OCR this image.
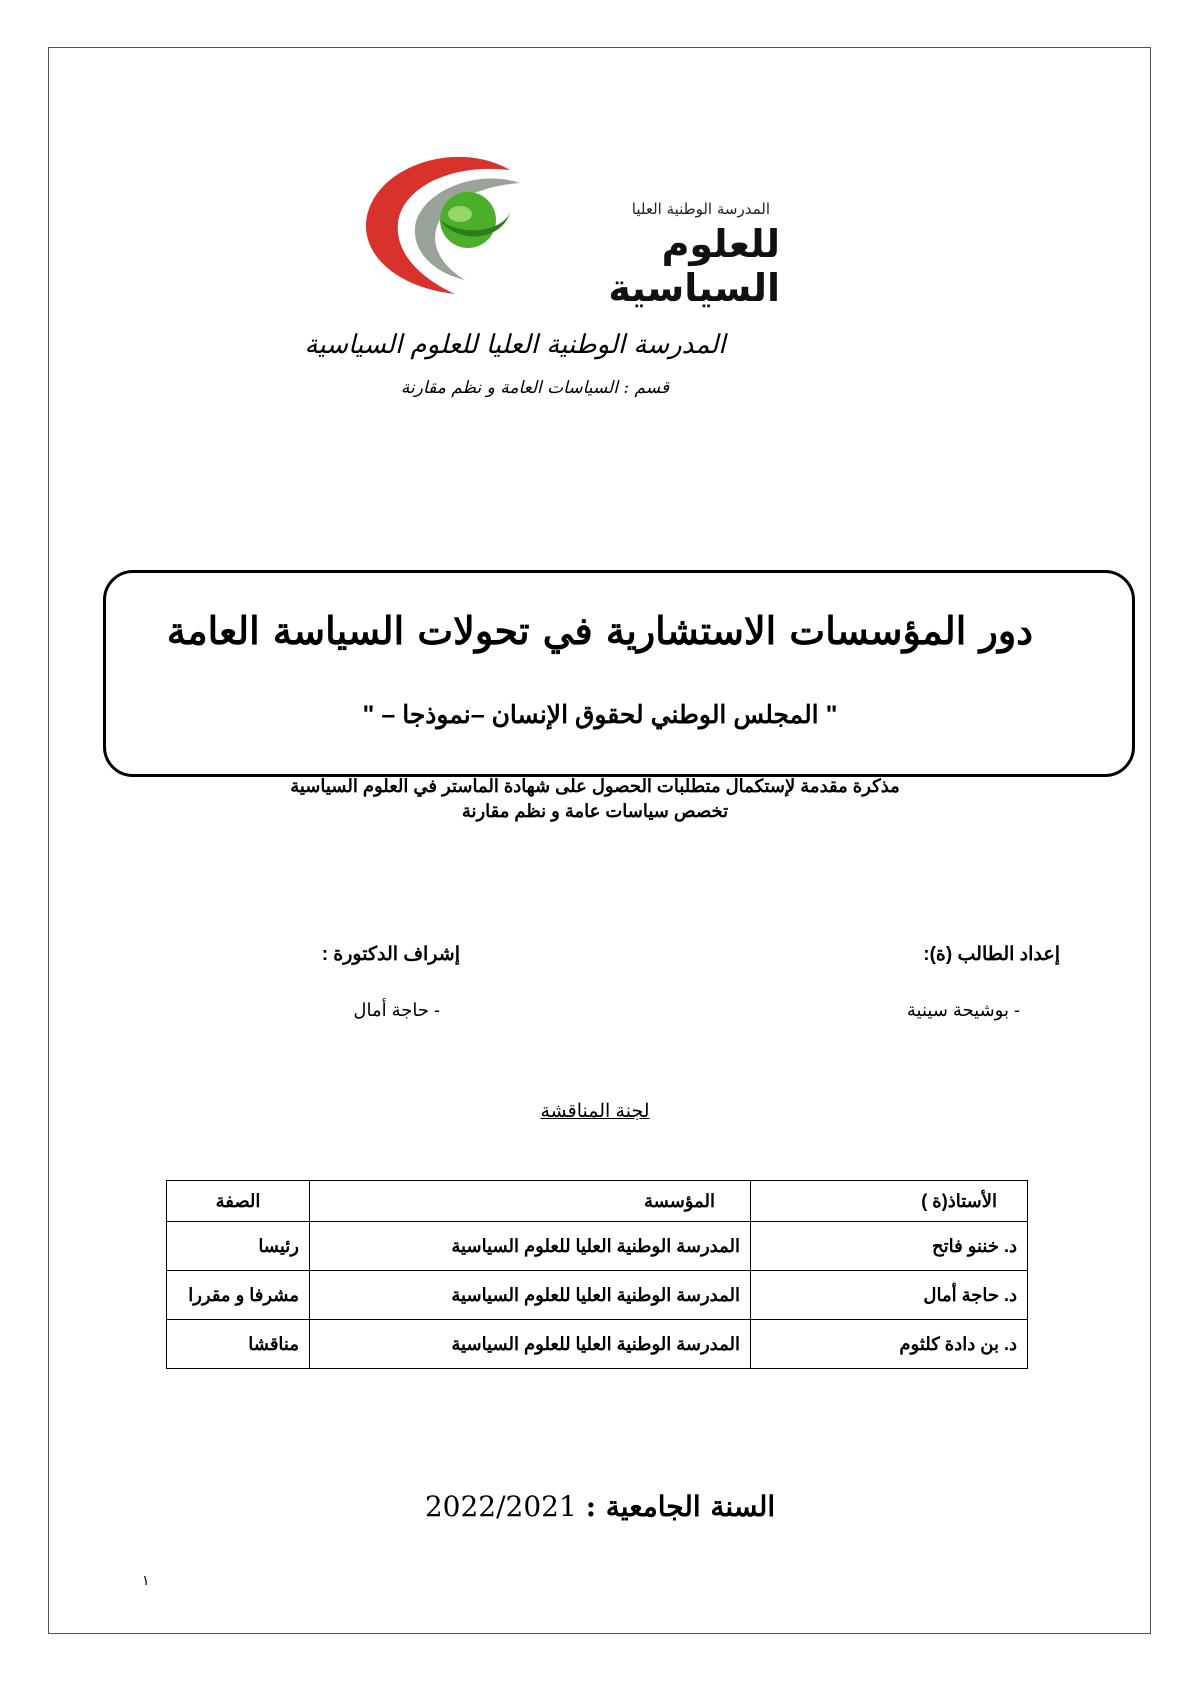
المدرسة الوطنية العليا
للعلوم السياسية
المدرسة الوطنية العليا للعلوم السياسية
قسم : السياسات العامة و نظم مقارنة
دور المؤسسات الاستشارية في تحولات السياسة العامة
" المجلس الوطني لحقوق الإنسان –نموذجا – "
مذكرة مقدمة لإستكمال متطلبات الحصول على شهادة الماستر في العلوم السياسية
تخصص سياسات عامة و نظم مقارنة
إعداد الطالب (ة):
إشراف الدكتورة :
- بوشيحة سينية
- حاجة أمال
لجنة المناقشة
الأستاذ(ة )	المؤسسة	الصفة
د. خننو فاتح	المدرسة الوطنية العليا للعلوم السياسية	رئيسا
د. حاجة أمال	المدرسة الوطنية العليا للعلوم السياسية	مشرفا و مقررا
د. بن دادة كلثوم	المدرسة الوطنية العليا للعلوم السياسية	مناقشا
السنة الجامعية : 2022/2021
١
